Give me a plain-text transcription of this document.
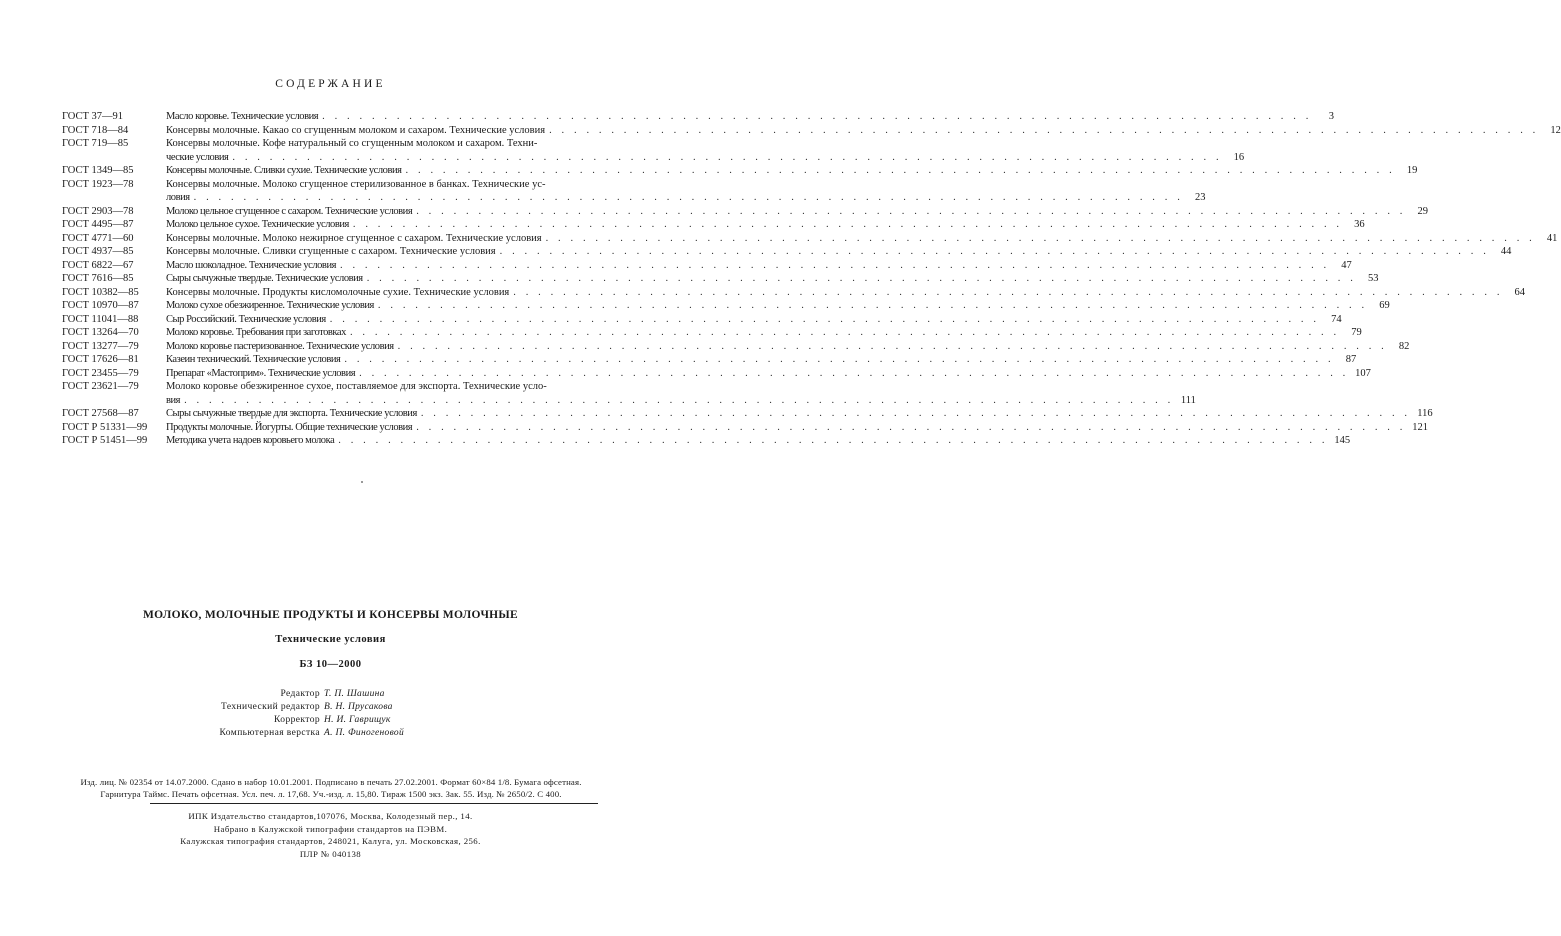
СОДЕРЖАНИЕ
ГОСТ 37—91	Масло коровье. Технические условия . . . . . . . . . . . . . . . . . . . . . . . . . . . . . . . . . . . . . . . . . . . . . . . . . . . . . . . . . . . . . . . . . . . . . . . . . . . . . . . .	3
ГОСТ 718—84	Консервы молочные. Какао со сгущенным молоком и сахаром. Технические условия . . . . . . . . . . . . . . . . . . . . . . . . . . . . . . . . . . . . . . . . . . . . . . . . . . . . . . . . . . . . . . . . . . . . . . . . . . . . . . . .	12
ГОСТ 719—85	Консервы молочные. Кофе натуральный со сгущенным молоком и сахаром. Техни-
ческие условия . . . . . . . . . . . . . . . . . . . . . . . . . . . . . . . . . . . . . . . . . . . . . . . . . . . . . . . . . . . . . . . . . . . . . . . . . . . . . . . .	16
ГОСТ 1349—85	Консервы молочные. Сливки сухие. Технические условия . . . . . . . . . . . . . . . . . . . . . . . . . . . . . . . . . . . . . . . . . . . . . . . . . . . . . . . . . . . . . . . . . . . . . . . . . . . . . . . .	19
ГОСТ 1923—78	Консервы молочные. Молоко сгущенное стерилизованное в банках. Технические ус-
ловия . . . . . . . . . . . . . . . . . . . . . . . . . . . . . . . . . . . . . . . . . . . . . . . . . . . . . . . . . . . . . . . . . . . . . . . . . . . . . . . .	23
ГОСТ 2903—78	Молоко цельное сгущенное с сахаром. Технические условия . . . . . . . . . . . . . . . . . . . . . . . . . . . . . . . . . . . . . . . . . . . . . . . . . . . . . . . . . . . . . . . . . . . . . . . . . . . . . . . .	29
ГОСТ 4495—87	Молоко цельное сухое. Технические условия . . . . . . . . . . . . . . . . . . . . . . . . . . . . . . . . . . . . . . . . . . . . . . . . . . . . . . . . . . . . . . . . . . . . . . . . . . . . . . . .	36
ГОСТ 4771—60	Консервы молочные. Молоко нежирное сгущенное с сахаром. Технические условия . . . . . . . . . . . . . . . . . . . . . . . . . . . . . . . . . . . . . . . . . . . . . . . . . . . . . . . . . . . . . . . . . . . . . . . . . . . . . . . .	41
ГОСТ 4937—85	Консервы молочные. Сливки сгущенные с сахаром. Технические условия . . . . . . . . . . . . . . . . . . . . . . . . . . . . . . . . . . . . . . . . . . . . . . . . . . . . . . . . . . . . . . . . . . . . . . . . . . . . . . . .	44
ГОСТ 6822—67	Масло шоколадное. Технические условия . . . . . . . . . . . . . . . . . . . . . . . . . . . . . . . . . . . . . . . . . . . . . . . . . . . . . . . . . . . . . . . . . . . . . . . . . . . . . . . .	47
ГОСТ 7616—85	Сыры сычужные твердые. Технические условия . . . . . . . . . . . . . . . . . . . . . . . . . . . . . . . . . . . . . . . . . . . . . . . . . . . . . . . . . . . . . . . . . . . . . . . . . . . . . . . .	53
ГОСТ 10382—85	Консервы молочные. Продукты кисломолочные сухие. Технические условия . . . . . . . . . . . . . . . . . . . . . . . . . . . . . . . . . . . . . . . . . . . . . . . . . . . . . . . . . . . . . . . . . . . . . . . . . . . . . . . .	64
ГОСТ 10970—87	Молоко сухое обезжиренное. Технические условия . . . . . . . . . . . . . . . . . . . . . . . . . . . . . . . . . . . . . . . . . . . . . . . . . . . . . . . . . . . . . . . . . . . . . . . . . . . . . . . .	69
ГОСТ 11041—88	Сыр Российский. Технические условия . . . . . . . . . . . . . . . . . . . . . . . . . . . . . . . . . . . . . . . . . . . . . . . . . . . . . . . . . . . . . . . . . . . . . . . . . . . . . . . .	74
ГОСТ 13264—70	Молоко коровье. Требования при заготовках . . . . . . . . . . . . . . . . . . . . . . . . . . . . . . . . . . . . . . . . . . . . . . . . . . . . . . . . . . . . . . . . . . . . . . . . . . . . . . . .	79
ГОСТ 13277—79	Молоко коровье пастеризованное. Технические условия . . . . . . . . . . . . . . . . . . . . . . . . . . . . . . . . . . . . . . . . . . . . . . . . . . . . . . . . . . . . . . . . . . . . . . . . . . . . . . . .	82
ГОСТ 17626—81	Казеин технический. Технические условия . . . . . . . . . . . . . . . . . . . . . . . . . . . . . . . . . . . . . . . . . . . . . . . . . . . . . . . . . . . . . . . . . . . . . . . . . . . . . . . .	87
ГОСТ 23455—79	Препарат «Мастоприм». Технические условия . . . . . . . . . . . . . . . . . . . . . . . . . . . . . . . . . . . . . . . . . . . . . . . . . . . . . . . . . . . . . . . . . . . . . . . . . . . . . . . . 107
ГОСТ 23621—79	Молоко коровье обезжиренное сухое, поставляемое для экспорта. Технические усло-
вия . . . . . . . . . . . . . . . . . . . . . . . . . . . . . . . . . . . . . . . . . . . . . . . . . . . . . . . . . . . . . . . . . . . . . . . . . . . . . . . . 111
ГОСТ 27568—87	Сыры сычужные твердые для экспорта. Технические условия . . . . . . . . . . . . . . . . . . . . . . . . . . . . . . . . . . . . . . . . . . . . . . . . . . . . . . . . . . . . . . . . . . . . . . . . . . . . . . . . 116
ГОСТ Р 51331—99 Продукты молочные. Йогурты. Общие технические условия . . . . . . . . . . . . . . . . . . . . . . . . . . . . . . . . . . . . . . . . . . . . . . . . . . . . . . . . . . . . . . . . . . . . . . . . . . . . . . . . 121
ГОСТ Р 51451—99 Методика учета надоев коровьего молока . . . . . . . . . . . . . . . . . . . . . . . . . . . . . . . . . . . . . . . . . . . . . . . . . . . . . . . . . . . . . . . . . . . . . . . . . . . . . . . . 145
МОЛОКО, МОЛОЧНЫЕ ПРОДУКТЫ И КОНСЕРВЫ МОЛОЧНЫЕ
Технические условия
БЗ 10—2000
Редактор Т. П. Шашина
Технический редактор В. Н. Прусакова
Корректор Н. И. Гаврищук
Компьютерная верстка А. П. Финогеновой
Изд. лиц. № 02354 от 14.07.2000. Сдано в набор 10.01.2001. Подписано в печать 27.02.2001. Формат 60×84 1/8. Бумага офсетная.
Гарнитура Таймс. Печать офсетная. Усл. печ. л. 17,68. Уч.-изд. л. 15,80. Тираж 1500 экз. Зак. 55. Изд. № 2650/2. С 400.
ИПК Издательство стандартов,107076, Москва, Колодезный пер., 14.
Набрано в Калужской типографии стандартов на ПЭВМ.
Калужская типография стандартов, 248021, Калуга, ул. Московская, 256.
ПЛР № 040138
